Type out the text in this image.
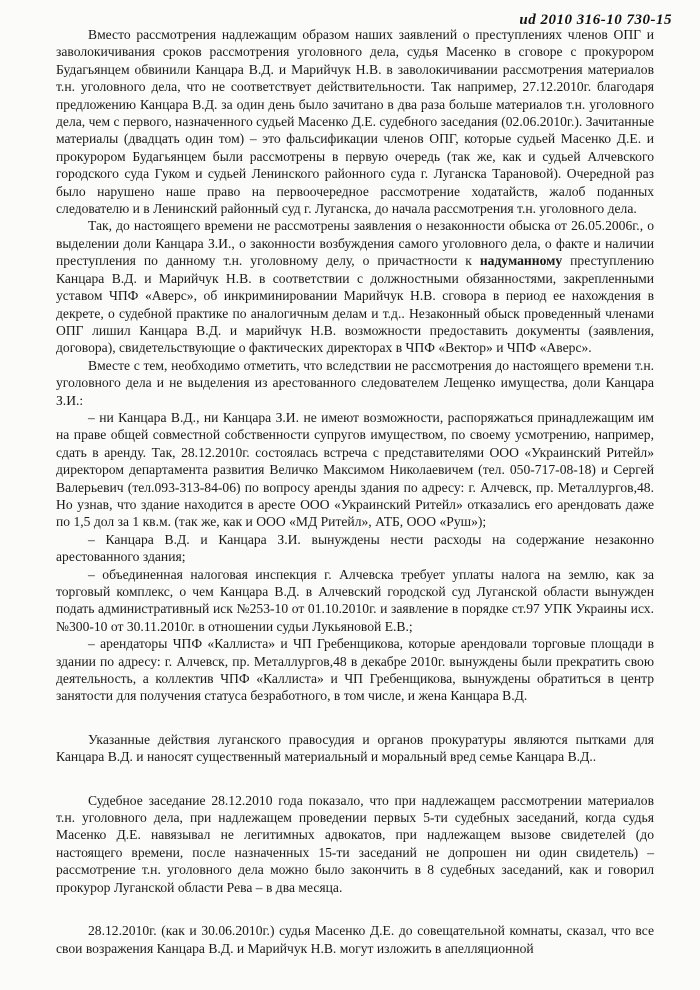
ud 2010 316-10 730-15

Вместо рассмотрения надлежащим образом наших заявлений о преступлениях членов ОПГ и заволокичивания сроков рассмотрения уголовного дела, судья Масенко в сговоре с прокурором Будагьянцем обвинили Канцара В.Д. и Марийчук Н.В. в заволокичивании рассмотрения материалов т.н. уголовного дела, что не соответствует действительности. Так например, 27.12.2010г. благодаря предложению Канцара В.Д. за один день было зачитано в два раза больше материалов т.н. уголовного дела, чем с первого, назначенного судьей Масенко Д.Е. судебного заседания (02.06.2010г.). Зачитанные материалы (двадцать один том) – это фальсификации членов ОПГ, которые судьей Масенко Д.Е. и прокурором Будагьянцем были рассмотрены в первую очередь (так же, как и судьей Алчевского городского суда Гуком и судьей Ленинского районного суда г. Луганска Тарановой). Очередной раз было нарушено наше право на первоочередное рассмотрение ходатайств, жалоб поданных следователю и в Ленинский районный суд г. Луганска, до начала рассмотрения т.н. уголовного дела.

Так, до настоящего времени не рассмотрены заявления о незаконности обыска от 26.05.2006г., о выделении доли Канцара З.И., о законности возбуждения самого уголовного дела, о факте и наличии преступления по данному т.н. уголовному делу, о причастности к надуманному преступлению Канцара В.Д. и Марийчук Н.В. в соответствии с должностными обязанностями, закрепленными уставом ЧПФ «Аверс», об инкриминировании Марийчук Н.В. сговора в период ее нахождения в декрете, о судебной практике по аналогичным делам и т.д.. Незаконный обыск проведенный членами ОПГ лишил Канцара В.Д. и марийчук Н.В. возможности предоставить документы (заявления, договора), свидетельствующие о фактических директорах в ЧПФ «Вектор» и ЧПФ «Аверс».

Вместе с тем, необходимо отметить, что вследствии не рассмотрения до настоящего времени т.н. уголовного дела и не выделения из арестованного следователем Лещенко имущества, доли Канцара З.И.:

– ни Канцара В.Д., ни Канцара З.И. не имеют возможности, распоряжаться принадлежащим им на праве общей совместной собственности супругов имуществом, по своему усмотрению, например, сдать в аренду. Так, 28.12.2010г. состоялась встреча с представителями ООО «Украинский Ритейл» директором департамента развития Величко Максимом Николаевичем (тел. 050-717-08-18) и Сергей Валерьевич (тел.093-313-84-06) по вопросу аренды здания по адресу: г. Алчевск, пр. Металлургов,48. Но узнав, что здание находится в аресте ООО «Украинский Ритейл» отказались его арендовать даже по 1,5 дол за 1 кв.м. (так же, как и ООО «МД Ритейл», АТБ, ООО «Руш»);

– Канцара В.Д. и Канцара З.И. вынуждены нести расходы на содержание незаконно арестованного здания;

– объединенная налоговая инспекция г. Алчевска требует уплаты налога на землю, как за торговый комплекс, о чем Канцара В.Д. в Алчевский городской суд Луганской области вынужден подать административный иск №253-10 от 01.10.2010г. и заявление в порядке ст.97 УПК Украины исх. №300-10 от 30.11.2010г. в отношении судьи Лукьяновой Е.В.;

– арендаторы ЧПФ «Каллиста» и ЧП Гребенщикова, которые арендовали торговые площади в здании по адресу: г. Алчевск, пр. Металлургов,48 в декабре 2010г. вынуждены были прекратить свою деятельность, а коллектив ЧПФ «Каллиста» и ЧП Гребенщикова, вынуждены обратиться в центр занятости для получения статуса безработного, в том числе, и жена Канцара В.Д.

Указанные действия луганского правосудия и органов прокуратуры являются пытками для Канцара В.Д. и наносят существенный материальный и моральный вред семье Канцара В.Д..

Судебное заседание 28.12.2010 года показало, что при надлежащем рассмотрении материалов т.н. уголовного дела, при надлежащем проведении первых 5-ти судебных заседаний, когда судья Масенко Д.Е. навязывал не легитимных адвокатов, при надлежащем вызове свидетелей (до настоящего времени, после назначенных 15-ти заседаний не допрошен ни один свидетель) – рассмотрение т.н. уголовного дела можно было закончить в 8 судебных заседаний, как и говорил прокурор Луганской области Рева – в два месяца.

28.12.2010г. (как и 30.06.2010г.) судья Масенко Д.Е. до совещательной комнаты, сказал, что все свои возражения Канцара В.Д. и Марийчук Н.В. могут изложить в апелляционной
